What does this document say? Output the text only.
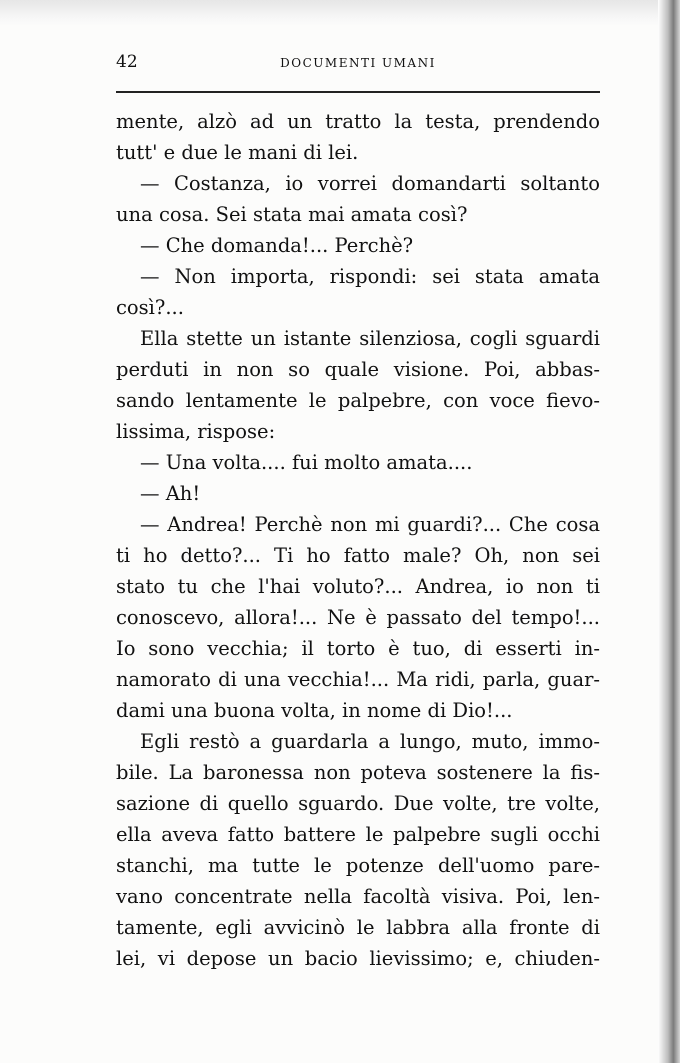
42	DOCUMENTI UMANI
mente, alzò ad un tratto la testa, prendendo
tutt' e due le mani di lei.
— Costanza, io vorrei domandarti soltanto
una cosa. Sei stata mai amata così?
— Che domanda!... Perchè?
— Non importa, rispondi: sei stata amata
così?...
Ella stette un istante silenziosa, cogli sguardi
perduti in non so quale visione. Poi, abbas-
sando lentamente le palpebre, con voce fievo-
lissima, rispose:
— Una volta.... fui molto amata....
— Ah!
— Andrea! Perchè non mi guardi?... Che cosa
ti ho detto?... Ti ho fatto male? Oh, non sei
stato tu che l'hai voluto?... Andrea, io non ti
conoscevo, allora!... Ne è passato del tempo!...
Io sono vecchia; il torto è tuo, di esserti in-
namorato di una vecchia!... Ma ridi, parla, guar-
dami una buona volta, in nome di Dio!...
Egli restò a guardarla a lungo, muto, immo-
bile. La baronessa non poteva sostenere la fis-
sazione di quello sguardo. Due volte, tre volte,
ella aveva fatto battere le palpebre sugli occhi
stanchi, ma tutte le potenze dell'uomo pare-
vano concentrate nella facoltà visiva. Poi, len-
tamente, egli avvicinò le labbra alla fronte di
lei, vi depose un bacio lievissimo; e, chiuden-
